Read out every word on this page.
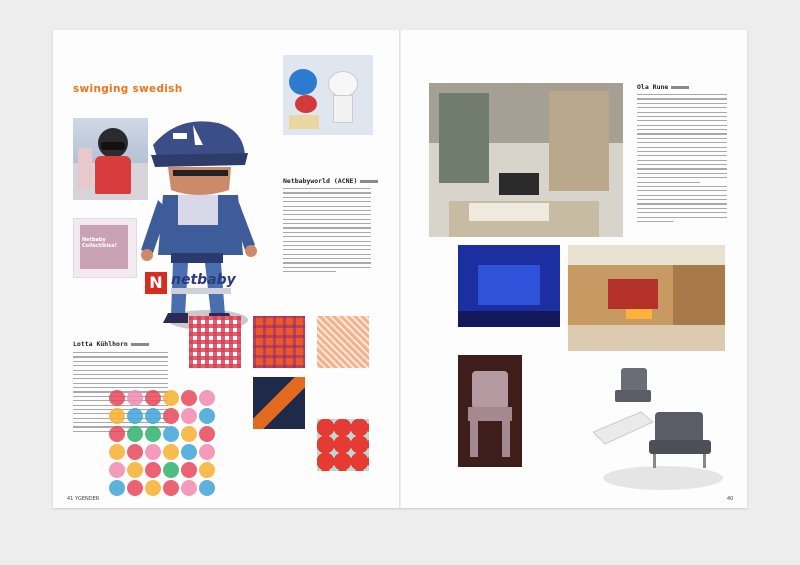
swinging swedish
Netbaby Collectibles!
N netbaby
Netbabyworld (ACNE)
Lotta Kühlhorn
41 YGENDER
Ola Rune
40
